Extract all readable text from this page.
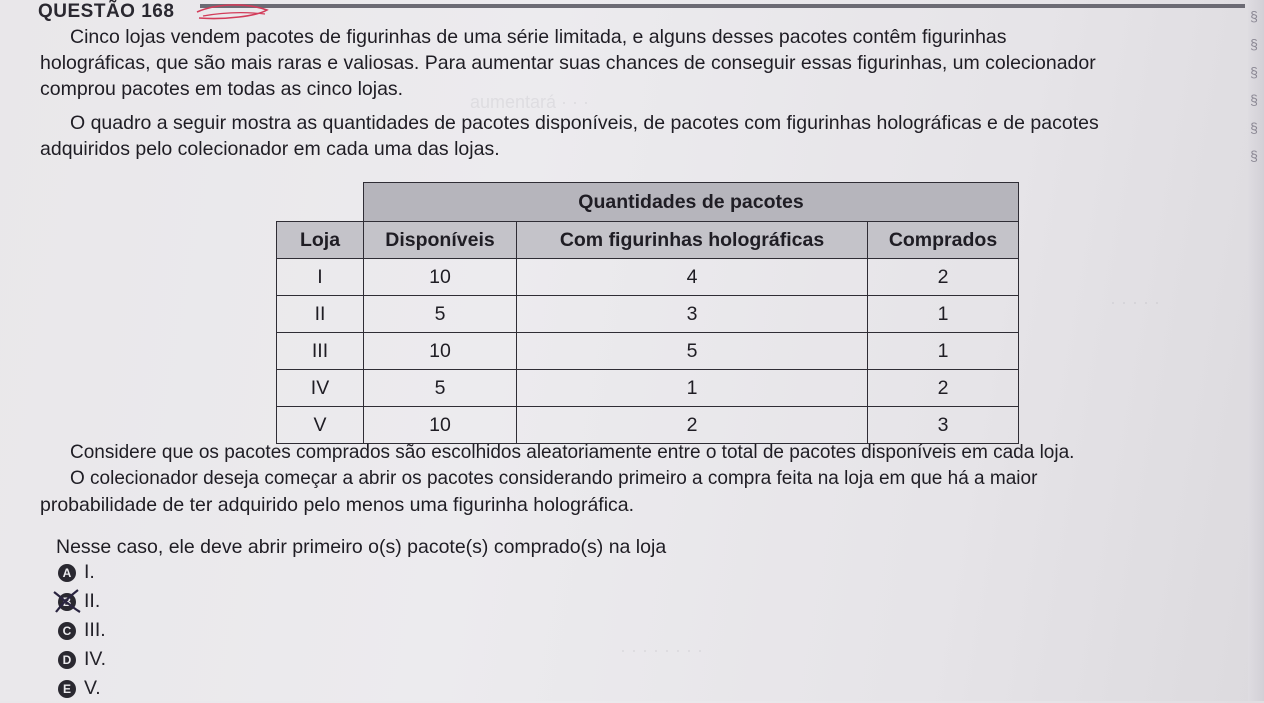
aumentará · · ·
· · · · ·
· · · · · · · ·
QUESTÃO 168

Cinco lojas vendem pacotes de figurinhas de uma série limitada, e alguns desses pacotes contêm figurinhas
holográficas, que são mais raras e valiosas. Para aumentar suas chances de conseguir essas figurinhas, um colecionador
comprou pacotes em todas as cinco lojas.

O quadro a seguir mostra as quantidades de pacotes disponíveis, de pacotes com figurinhas holográficas e de pacotes
adquiridos pelo colecionador em cada uma das lojas.

	Quantidades de pacotes		
Loja	Disponíveis	Com figurinhas holográficas	Comprados
I	10	4	2
II	5	3	1
III	10	5	1
IV	5	1	2
V	10	2	3

Considere que os pacotes comprados são escolhidos aleatoriamente entre o total de pacotes disponíveis em cada loja.

O colecionador deseja começar a abrir os pacotes considerando primeiro a compra feita na loja em que há a maior
probabilidade de ter adquirido pelo menos uma figurinha holográfica.

Nesse caso, ele deve abrir primeiro o(s) pacote(s) comprado(s) na loja

A I.
B II.
C III.
D IV.
E V.
§ § § § § §
